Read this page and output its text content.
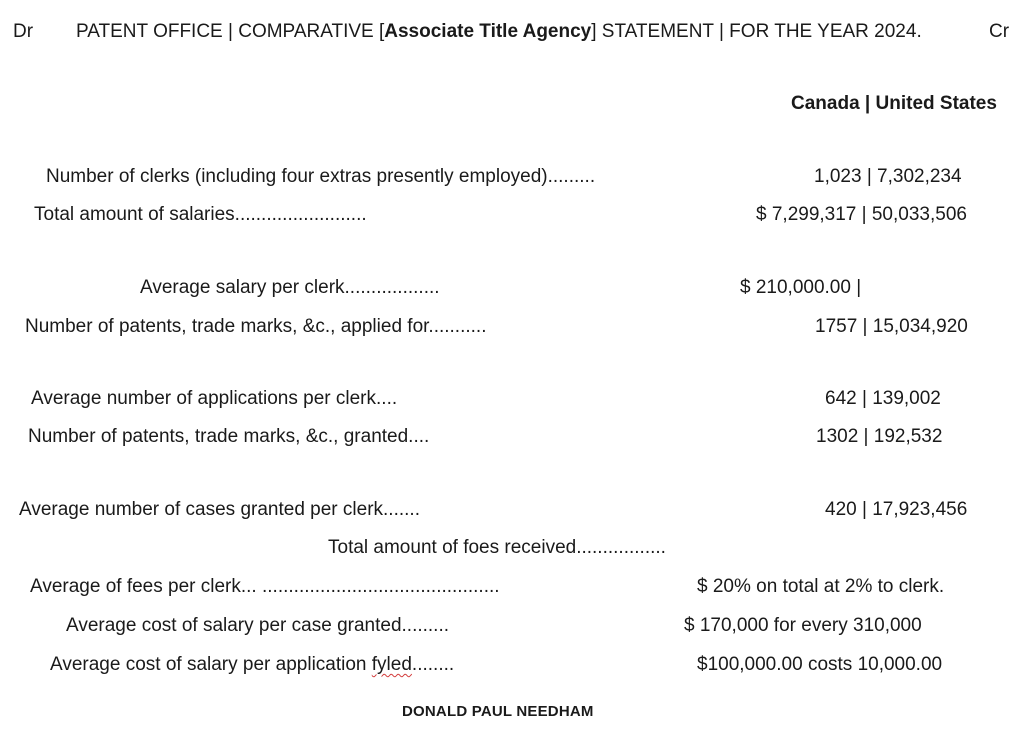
Dr PATENT OFFICE | COMPARATIVE [Associate Title Agency] STATEMENT | FOR THE YEAR 2024.	Cr
Canada | United States
Number of clerks (including four extras presently employed).........	1,023 | 7,302,234
Total amount of salaries.........................	$ 7,299,317 | 50,033,506
Average salary per clerk..................	$ 210,000.00 |
Number of patents, trade marks, &c., applied for...........	1757 | 15,034,920
Average number of applications per clerk....	642 | 139,002
Number of patents, trade marks, &c., granted....	1302 | 192,532
Average number of cases granted per clerk.......	420 | 17,923,456
Total amount of foes received.................
Average of fees per clerk... .............................................	$ 20% on total at 2% to clerk.
Average cost of salary per case granted.........	$ 170,000 for every 310,000
Average cost of salary per application fyled........	$100,000.00 costs 10,000.00
DONALD PAUL NEEDHAM
